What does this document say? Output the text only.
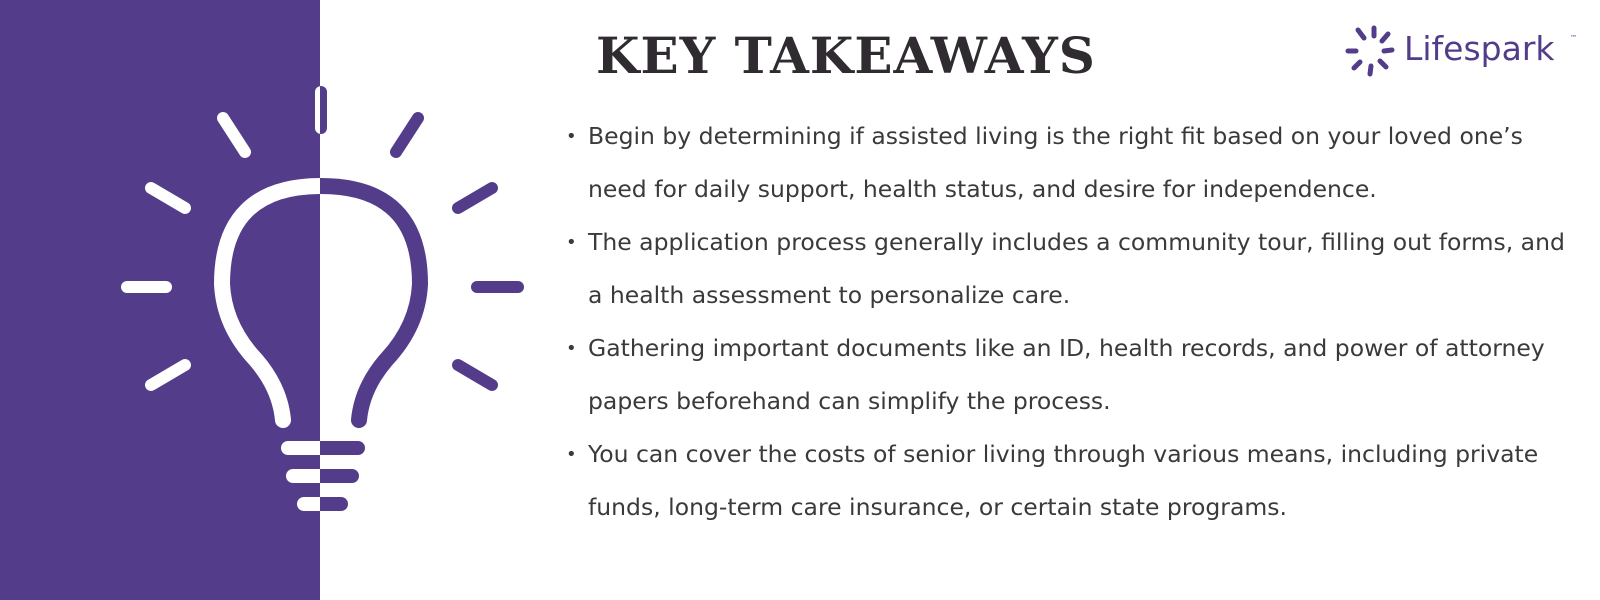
KEY TAKEAWAYS	Lifespark ™
• Begin by determining if assisted living is the right fit based on your loved one’s need for daily support, health status, and desire for independence.
• The application process generally includes a community tour, filling out forms, and a health assessment to personalize care.
• Gathering important documents like an ID, health records, and power of attorney papers beforehand can simplify the process.
• You can cover the costs of senior living through various means, including private funds, long-term care insurance, or certain state programs.
